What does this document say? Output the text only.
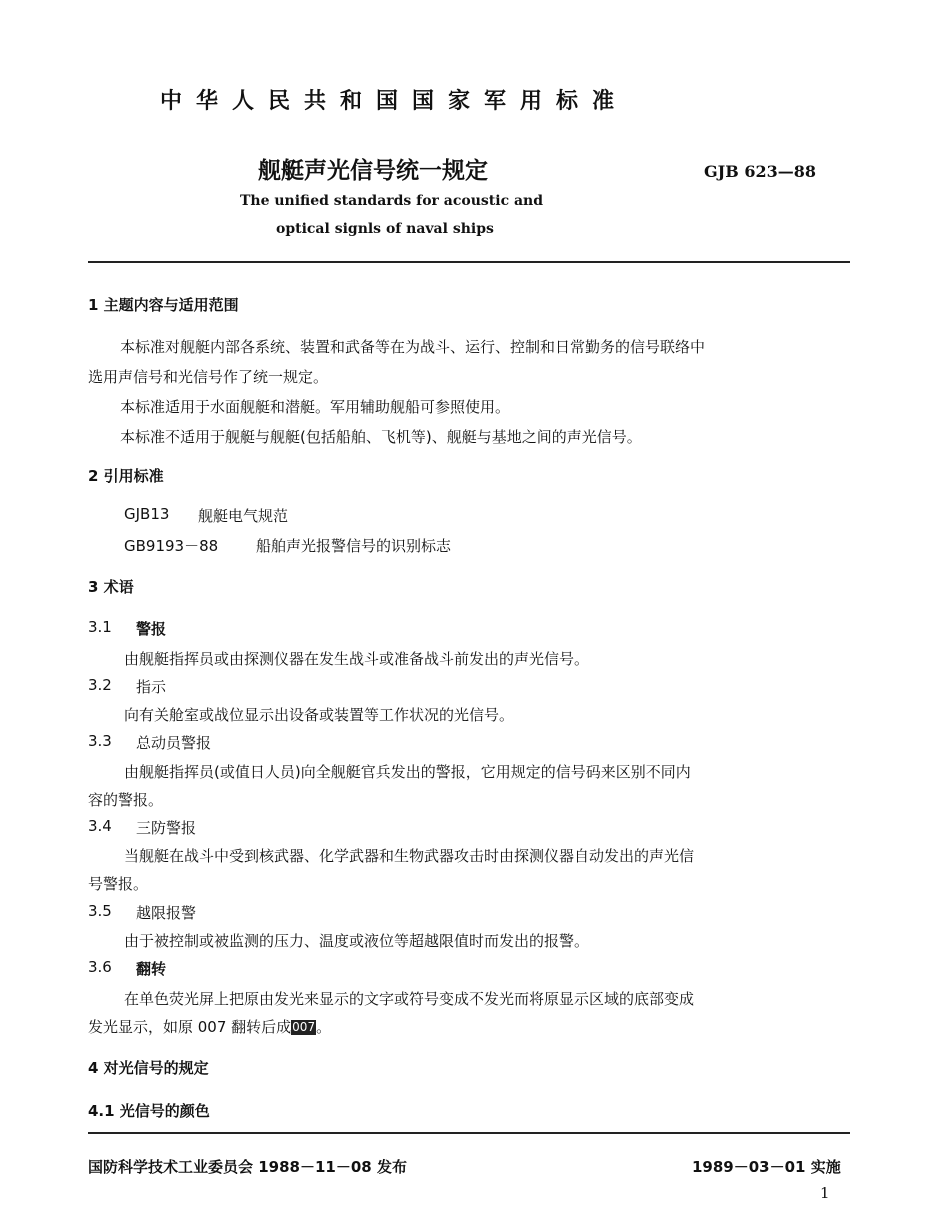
中华人民共和国国家军用标准
舰艇声光信号统一规定	GJB 623—88
The unified standards for acoustic and
optical signls of naval ships
1 主题内容与适用范围
本标准对舰艇内部各系统、装置和武备等在为战斗、运行、控制和日常勤务的信号联络中
选用声信号和光信号作了统一规定。
本标准适用于水面舰艇和潜艇。军用辅助舰船可参照使用。
本标准不适用于舰艇与舰艇(包括船舶、飞机等)、舰艇与基地之间的声光信号。
2 引用标准
GJB13 舰艇电气规范
GB9193－88	船舶声光报警信号的识别标志
3 术语
3.1 警报
由舰艇指挥员或由探测仪器在发生战斗或准备战斗前发出的声光信号。
3.2 指示
向有关舱室或战位显示出设备或装置等工作状况的光信号。
3.3 总动员警报
由舰艇指挥员(或值日人员)向全舰艇官兵发出的警报，它用规定的信号码来区别不同内
容的警报。
3.4 三防警报
当舰艇在战斗中受到核武器、化学武器和生物武器攻击时由探测仪器自动发出的声光信
号警报。
3.5 越限报警
由于被控制或被监测的压力、温度或液位等超越限值时而发出的报警。
3.6 翻转
在单色荧光屏上把原由发光来显示的文字或符号变成不发光而将原显示区域的底部变成
发光显示，如原 007 翻转后成007。
4 对光信号的规定
4.1 光信号的颜色
国防科学技术工业委员会 1988－11－08 发布	1989－03－01 实施
1
